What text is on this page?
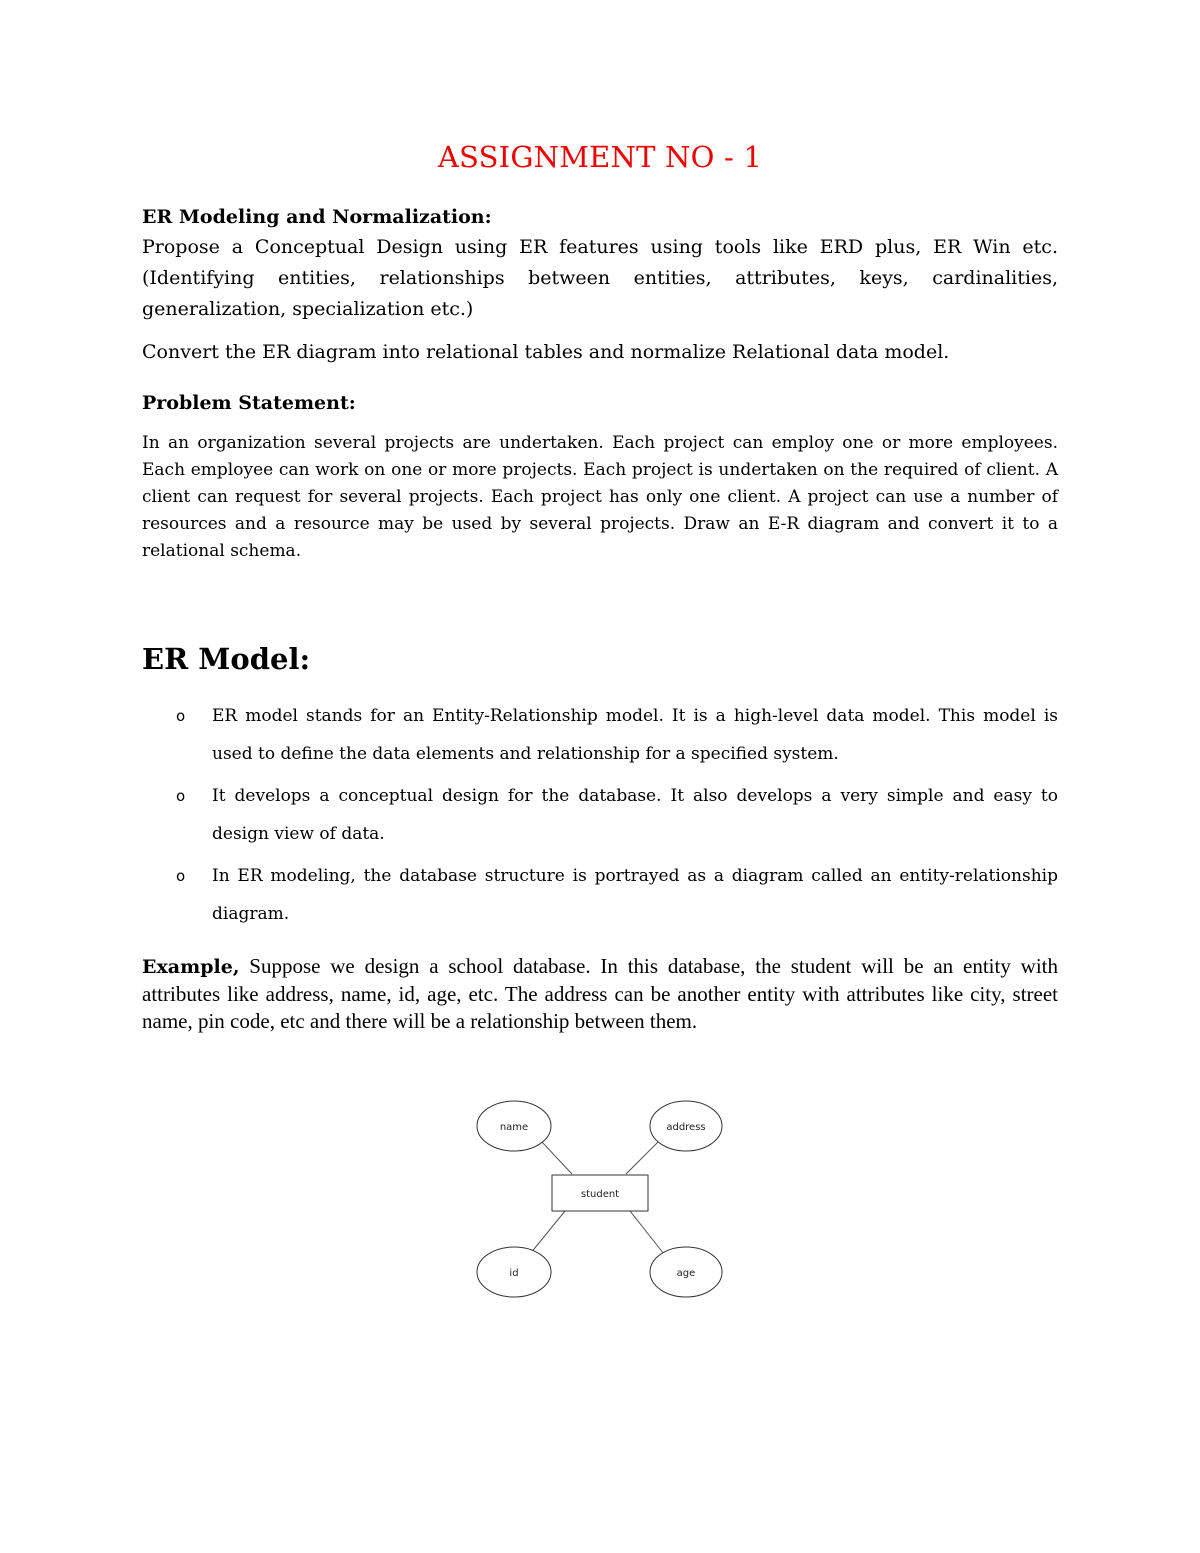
ASSIGNMENT NO - 1

ER Modeling and Normalization:

Propose a Conceptual Design using ER features using tools like ERD plus, ER Win etc. (Identifying entities, relationships between entities, attributes, keys, cardinalities, generalization, specialization etc.)

Convert the ER diagram into relational tables and normalize Relational data model.

Problem Statement:

In an organization several projects are undertaken. Each project can employ one or more employees. Each employee can work on one or more projects. Each project is undertaken on the required of client. A client can request for several projects. Each project has only one client. A project can use a number of resources and a resource may be used by several projects. Draw an E-R diagram and convert it to a relational schema.

ER Model:
o ER model stands for an Entity-Relationship model. It is a high-level data model. This model is used to define the data elements and relationship for a specified system.
o It develops a conceptual design for the database. It also develops a very simple and easy to design view of data.
o In ER modeling, the database structure is portrayed as a diagram called an entity-relationship diagram.

Example, Suppose we design a school database. In this database, the student will be an entity with attributes like address, name, id, age, etc. The address can be another entity with attributes like city, street name, pin code, etc and there will be a relationship between them.

student
name	address
id	age
